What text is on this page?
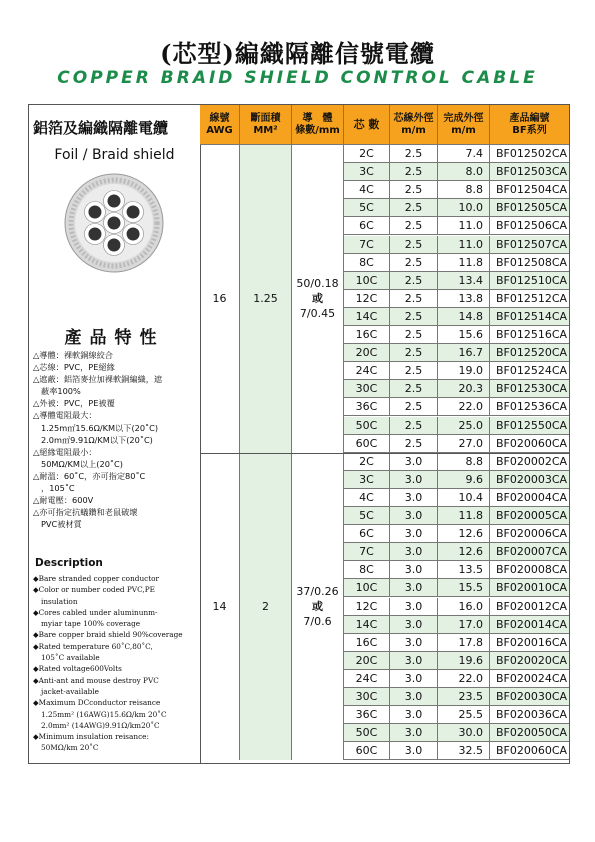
(芯型)編織隔離信號電纜
COPPER BRAID SHIELD CONTROL CABLE
鋁箔及編織隔離電纜
Foil / Braid shield
產品特性
△導體：裸軟銅線絞合
△芯線：PVC，PE絕緣
△遮蔽：鋁箔麥拉加裸軟銅編織，遮
蔽率100%
△外被：PVC，PE被覆
△導體電阻最大：
1.25m㎡15.6Ω/KM以下(20˚C)
2.0m㎡9.91Ω/KM以下(20˚C)
△絕緣電阻最小：
50MΩ/KM以上(20˚C)
△耐溫：60˚C，亦可指定80˚C
，105˚C
△耐電壓：600V
△亦可指定抗蟻鑽和老鼠破壞
PVC被材質
Description
◆Bare stranded copper conductor
◆Color or number coded PVC,PE
insulation
◆Cores cabled under aluminunm-
myiar tape 100% coverage
◆Bare copper braid shield 90%coverage
◆Rated temperature 60˚C,80˚C,
105˚C available
◆Rated voltage600Volts
◆Anti-ant and mouse destroy PVC
jacket-available
◆Maximum DCconductor reisance
1.25mm² (16AWG)15.6Ω/km 20˚C
2.0mm² (14AWG)9.91Ω/km20˚C
◆Minimum insulation reisance:
50MΩ/km 20˚C
線號
AWG
斷面積
MM²
導　體
條數/mm	芯 數	芯線外徑
m/m
完成外徑
m/m
產品編號
BF系列
16 1.25
50/0.18
或
7/0.45
2C	2.5	7.4	BF012502CA
3C	2.5	8.0	BF012503CA
4C	2.5	8.8	BF012504CA
5C	2.5	10.0	BF012505CA
6C	2.5	11.0	BF012506CA
7C	2.5	11.0	BF012507CA
8C	2.5	11.8	BF012508CA
10C	2.5	13.4	BF012510CA
12C	2.5	13.8	BF012512CA
14C	2.5	14.8	BF012514CA
16C	2.5	15.6	BF012516CA
20C	2.5	16.7	BF012520CA
24C	2.5	19.0	BF012524CA
30C	2.5	20.3	BF012530CA
36C	2.5	22.0	BF012536CA
50C	2.5	25.0	BF012550CA
60C	2.5	27.0	BF020060CA
14	2
37/0.26
或
7/0.6
2C	3.0	8.8	BF020002CA
3C	3.0	9.6	BF020003CA
4C	3.0	10.4	BF020004CA
5C	3.0	11.8	BF020005CA
6C	3.0	12.6	BF020006CA
7C	3.0	12.6	BF020007CA
8C	3.0	13.5	BF020008CA
10C	3.0	15.5	BF020010CA
12C	3.0	16.0	BF020012CA
14C	3.0	17.0	BF020014CA
16C	3.0	17.8	BF020016CA
20C	3.0	19.6	BF020020CA
24C	3.0	22.0	BF020024CA
30C	3.0	23.5	BF020030CA
36C	3.0	25.5	BF020036CA
50C	3.0	30.0	BF020050CA
60C	3.0	32.5	BF020060CA
